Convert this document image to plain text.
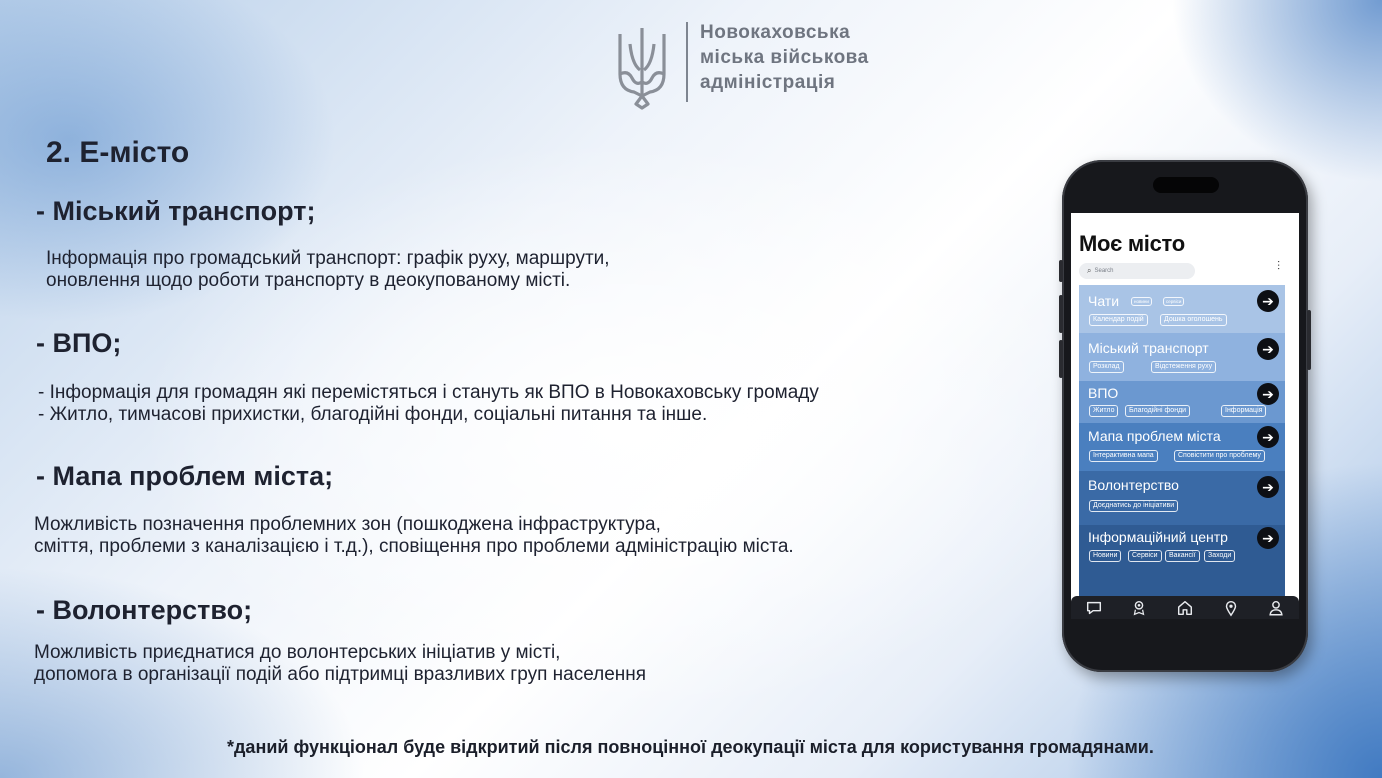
Новокаховська
міська військова
адміністрація
2. Е-місто
- Міський транспорт;
Інформація про громадський транспорт: графік руху, маршрути,
оновлення щодо роботи транспорту в деокупованому місті.
- ВПО;
- Інформація для громадян які перемістяться і стануть як ВПО в Новокаховську громаду
- Житло, тимчасові прихистки, благодійні фонди, соціальні питання та інше.
- Мапа проблем міста;
Можливість позначення проблемних зон (пошкоджена інфраструктура,
сміття, проблеми з каналізацією і т.д.), сповіщення про проблеми адміністрацію міста.
- Волонтерство;
Можливість приєднатися до волонтерських ініціатив у місті,
допомога в організації подій або підтримці вразливих груп населення
*даний функціонал буде відкритий після повноцінної деокупації міста для користування громадянами.
Моє місто
⌕ Search	⫶
Чати	новини	сервіси	➔
Календар подій	Дошка оголошень
Міський транспорт	➔
Розклад	Відстеження руху
ВПО	➔
Житло	Благодійні фонди	Інформація
Мапа проблем міста	➔
Інтерактивна мапа	Сповістити про проблему
Волонтерство	➔
Доєднатись до ініціативи
Інформаційний центр	➔
Новини	Сервіси	Вакансії	Заходи
